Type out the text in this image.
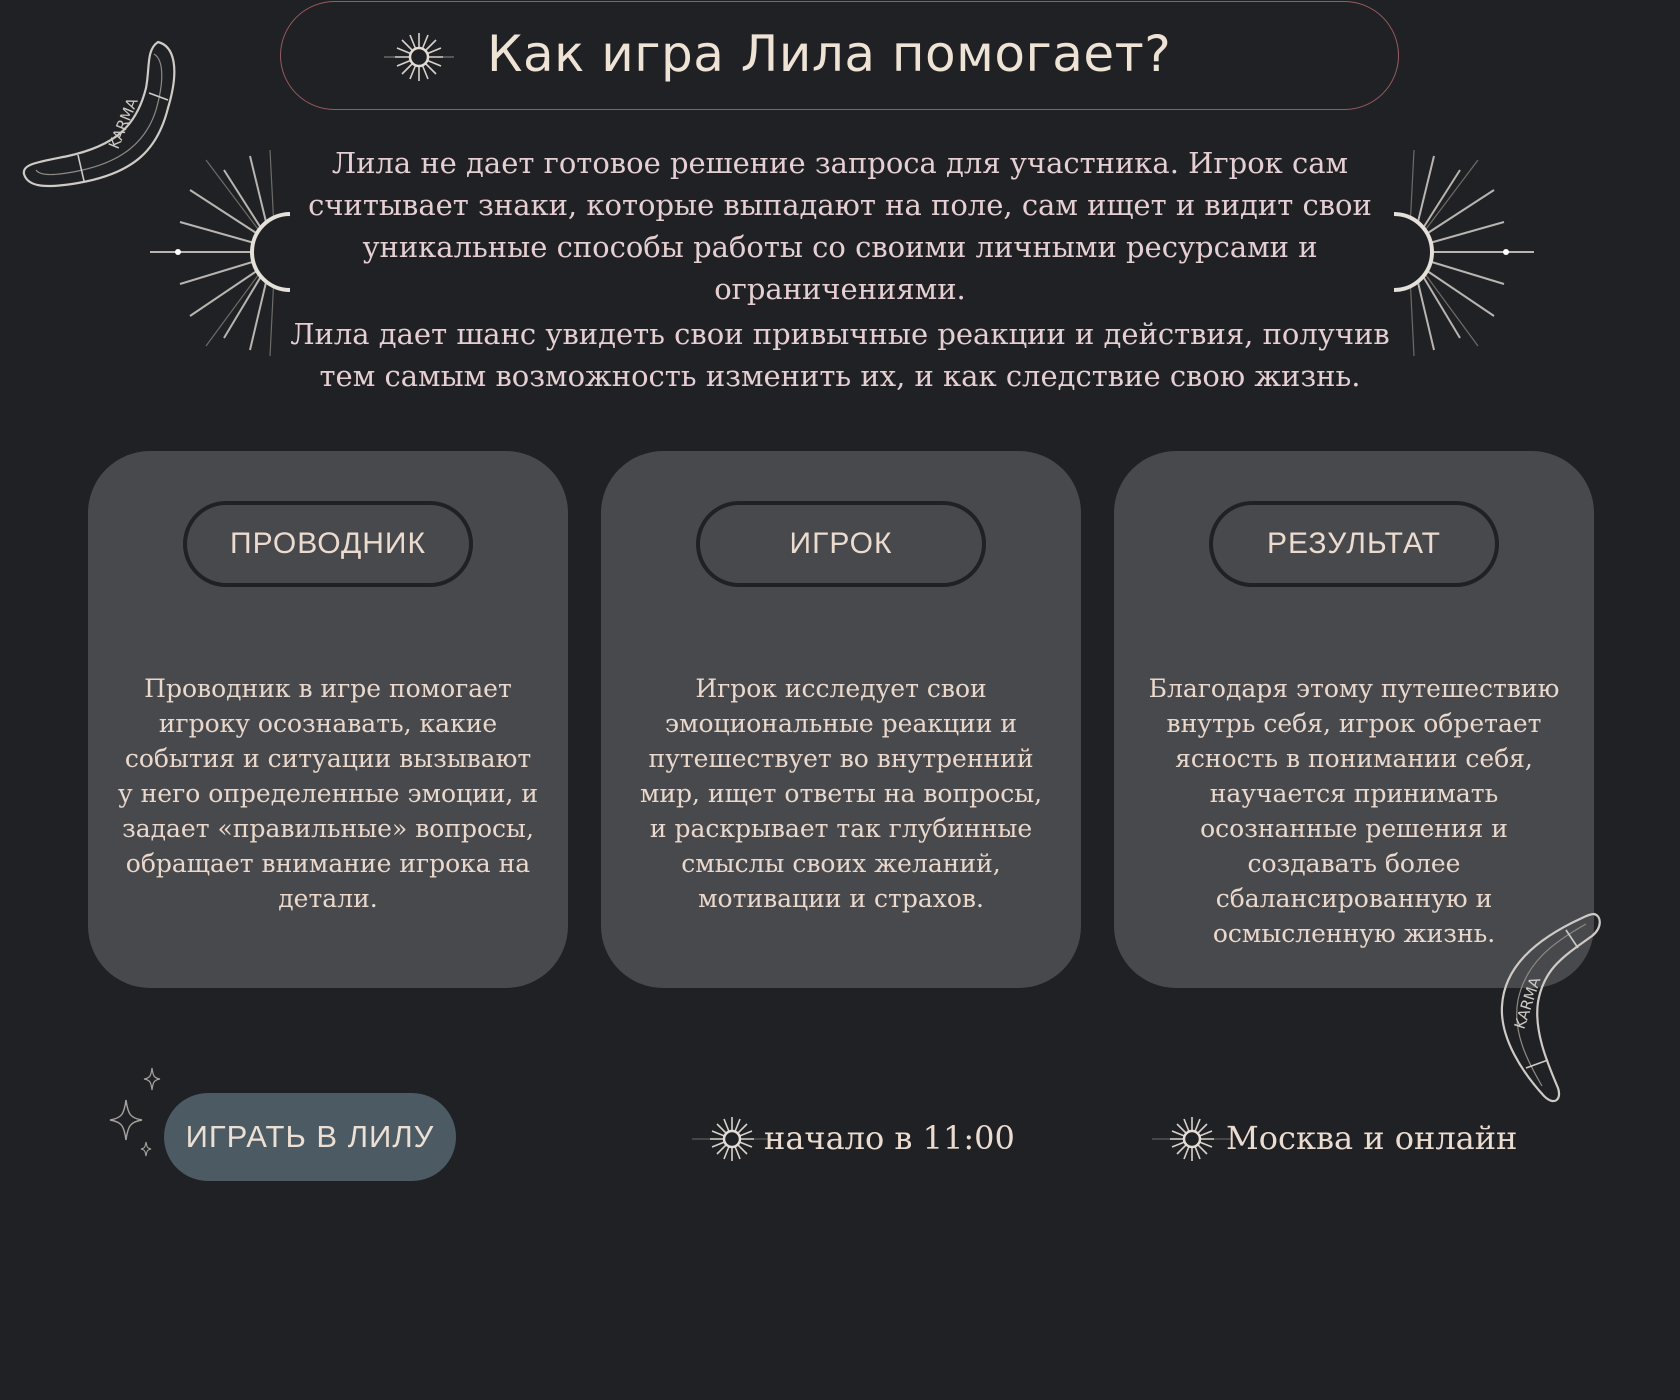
Как игра Лила помогает?
KARMA
Лила не дает готовое решение запроса для участника. Игрок сам считывает знаки, которые выпадают на поле, сам ищет и видит свои уникальные способы работы со своими личными ресурсами и ограничениями.
Лила дает шанс увидеть свои привычные реакции и действия, получив тем самым возможность изменить их, и как следствие свою жизнь.
ПРОВОДНИК
Проводник в игре помогает игроку осознавать, какие события и ситуации вызывают у него определенные эмоции, и задает «правильные» вопросы, обращает внимание игрока на детали.
ИГРОК
Игрок исследует свои эмоциональные реакции и путешествует во внутренний мир, ищет ответы на вопросы, и раскрывает так глубинные смыслы своих желаний, мотивации и страхов.
РЕЗУЛЬТАТ
Благодаря этому путешествию внутрь себя, игрок обретает ясность в понимании себя, научается принимать осознанные решения и создавать более сбалансированную и осмысленную жизнь.
KARMA
ИГРАТЬ В ЛИЛУ	начало в 11:00	Москва и онлайн
